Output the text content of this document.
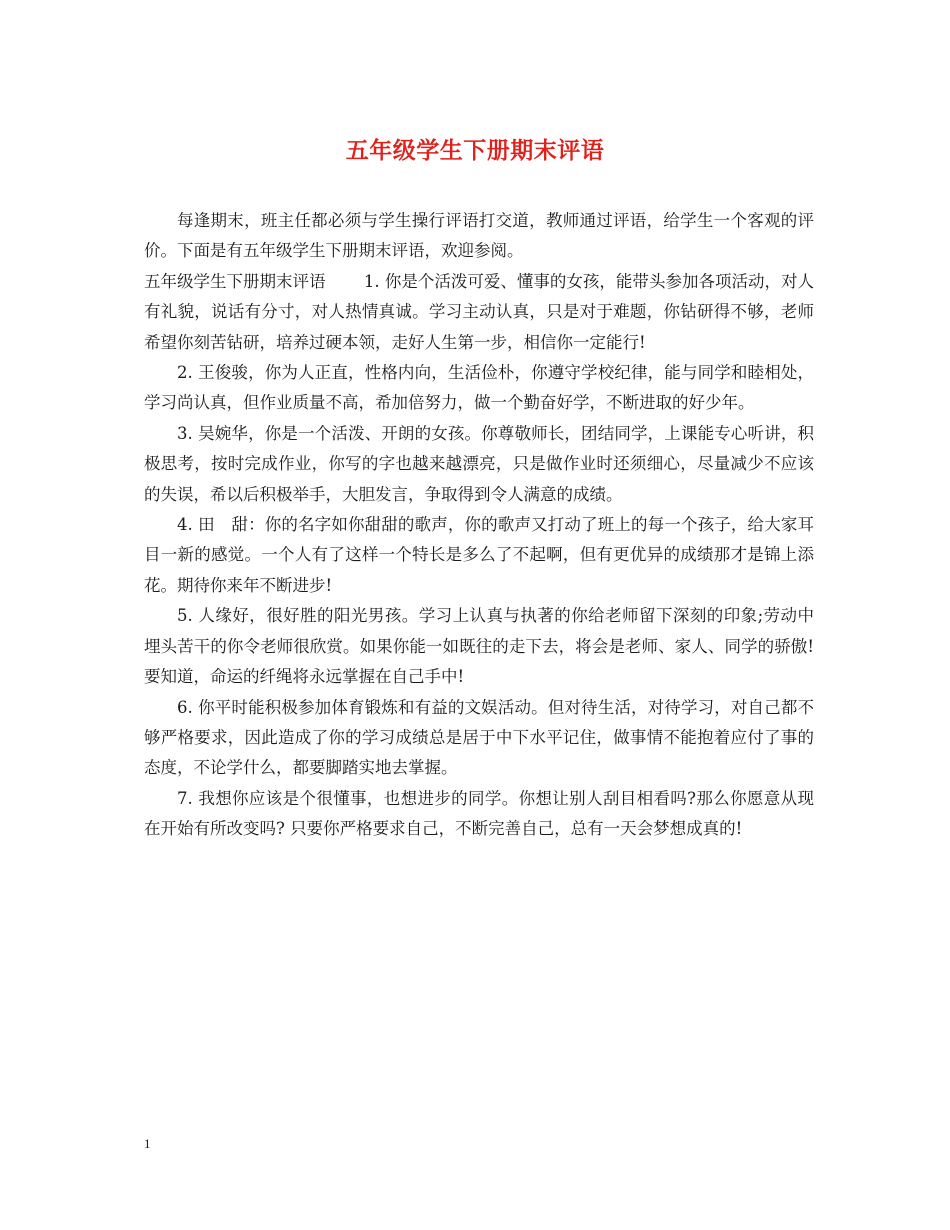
五年级学生下册期末评语

每逢期末，班主任都必须与学生操行评语打交道，教师通过评语，给学生一个客观的评价。下面是有五年级学生下册期末评语，欢迎参阅。

五年级学生下册期末评语　　 1. 你是个活泼可爱、懂事的女孩，能带头参加各项活动，对人有礼貌，说话有分寸，对人热情真诚。学习主动认真，只是对于难题，你钻研得不够，老师希望你刻苦钻研，培养过硬本领，走好人生第一步，相信你一定能行!

2. 王俊骏，你为人正直，性格内向，生活俭朴，你遵守学校纪律，能与同学和睦相处，学习尚认真，但作业质量不高，希加倍努力，做一个勤奋好学，不断进取的好少年。

3. 吴婉华，你是一个活泼、开朗的女孩。你尊敬师长，团结同学，上课能专心听讲，积极思考，按时完成作业，你写的字也越来越漂亮，只是做作业时还须细心，尽量减少不应该的失误，希以后积极举手，大胆发言，争取得到令人满意的成绩。

4. 田　甜：你的名字如你甜甜的歌声，你的歌声又打动了班上的每一个孩子，给大家耳目一新的感觉。一个人有了这样一个特长是多么了不起啊，但有更优异的成绩那才是锦上添花。期待你来年不断进步!

5. 人缘好，很好胜的阳光男孩。学习上认真与执著的你给老师留下深刻的印象;劳动中埋头苦干的你令老师很欣赏。如果你能一如既往的走下去，将会是老师、家人、同学的骄傲!要知道，命运的纤绳将永远掌握在自己手中!

6. 你平时能积极参加体育锻炼和有益的文娱活动。但对待生活，对待学习，对自己都不够严格要求，因此造成了你的学习成绩总是居于中下水平记住，做事情不能抱着应付了事的态度，不论学什么，都要脚踏实地去掌握。

7. 我想你应该是个很懂事，也想进步的同学。你想让别人刮目相看吗?那么你愿意从现在开始有所改变吗? 只要你严格要求自己，不断完善自己，总有一天会梦想成真的!

1
